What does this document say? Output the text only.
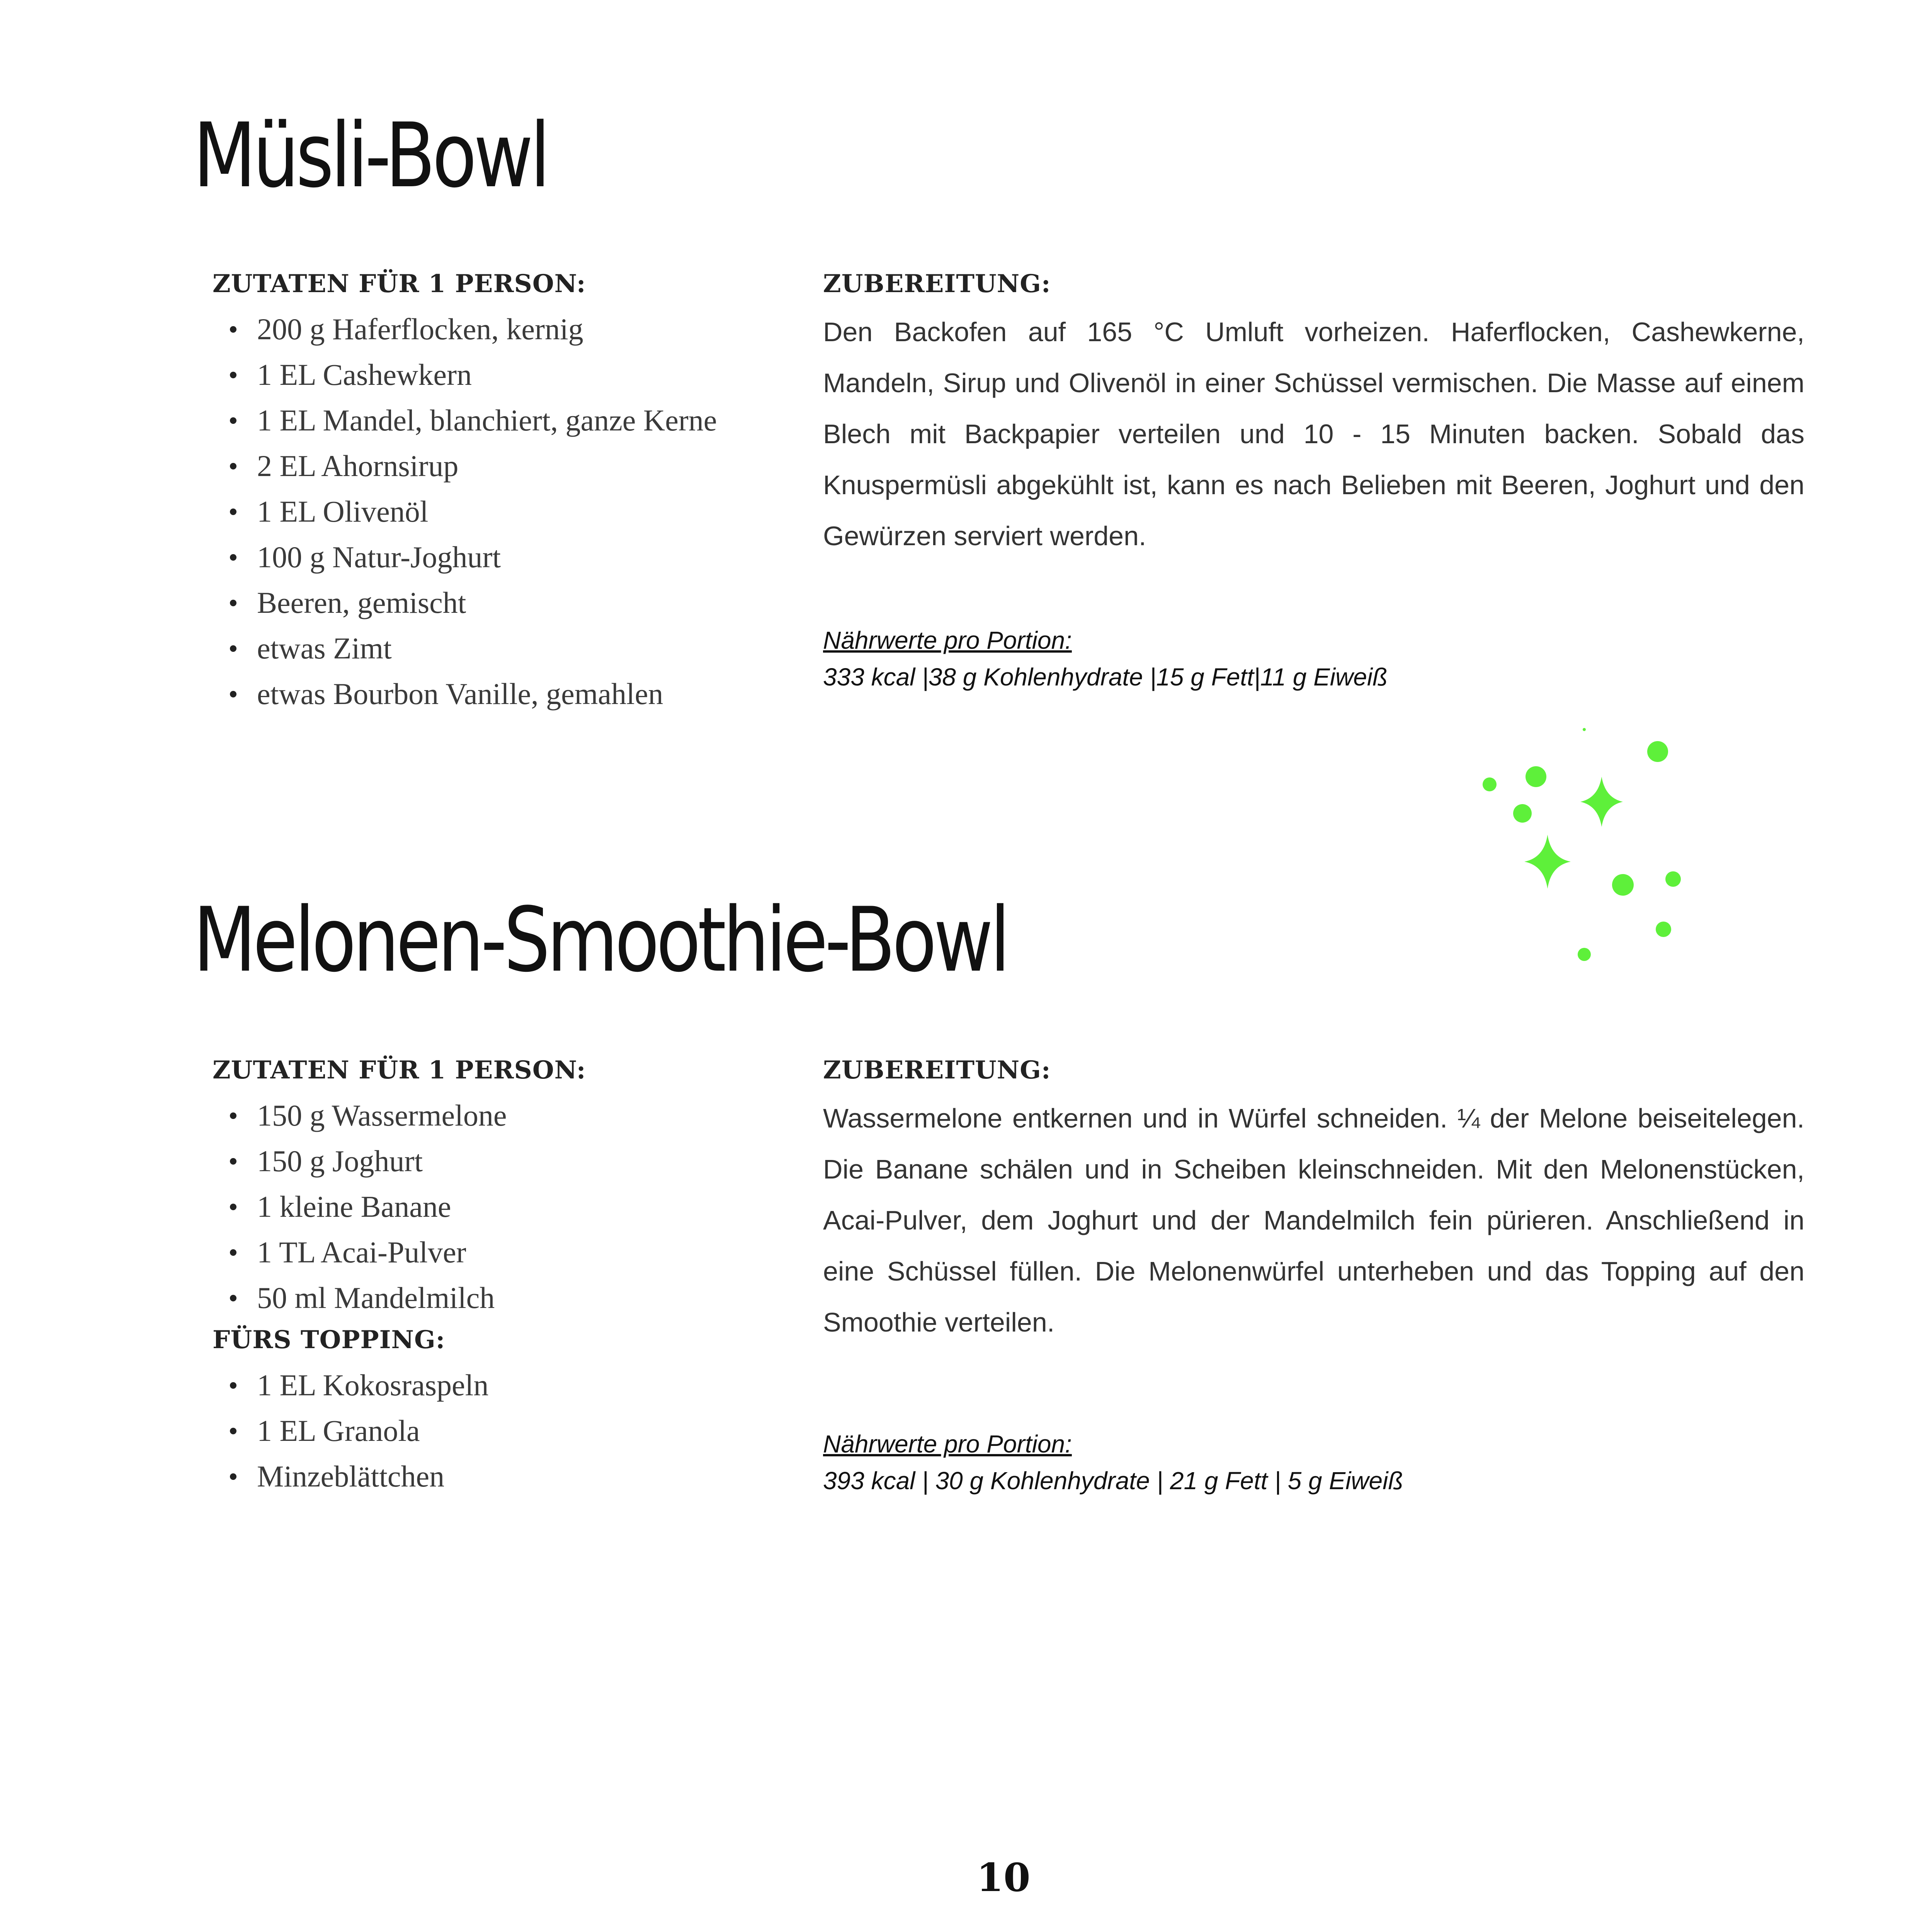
Müsli-Bowl

ZUTATEN FÜR 1 PERSON:

200 g Haferflocken, kernig
1 EL Cashewkern
1 EL Mandel, blanchiert, ganze Kerne
2 EL Ahornsirup
1 EL Olivenöl
100 g Natur-Joghurt
Beeren, gemischt
etwas Zimt
etwas Bourbon Vanille, gemahlen

ZUBEREITUNG:

Den Backofen auf 165 °C Umluft vorheizen. Haferflocken, Cashewkerne, Mandeln, Sirup und Olivenöl in einer Schüssel vermischen. Die Masse auf einem Blech mit Backpapier verteilen und 10 - 15 Minuten backen. Sobald das Knuspermüsli abgekühlt ist, kann es nach Belieben mit Beeren, Joghurt und den Gewürzen serviert werden.

Nährwerte pro Portion:

333 kcal |38 g Kohlenhydrate |15 g Fett|11 g Eiweiß

Melonen-Smoothie-Bowl

ZUTATEN FÜR 1 PERSON:

150 g Wassermelone
150 g Joghurt
1 kleine Banane
1 TL Acai-Pulver
50 ml Mandelmilch

FÜRS TOPPING:

1 EL Kokosraspeln
1 EL Granola
Minzeblättchen

ZUBEREITUNG:

Wassermelone entkernen und in Würfel schneiden. ¼ der Melone beiseitelegen. Die Banane schälen und in Scheiben kleinschneiden. Mit den Melonenstücken, Acai-Pulver, dem Joghurt und der Mandelmilch fein pürieren. Anschließend in eine Schüssel füllen. Die Melonenwürfel unterheben und das Topping auf den Smoothie verteilen.

Nährwerte pro Portion:

393 kcal | 30 g Kohlenhydrate | 21 g Fett | 5 g Eiweiß

10
